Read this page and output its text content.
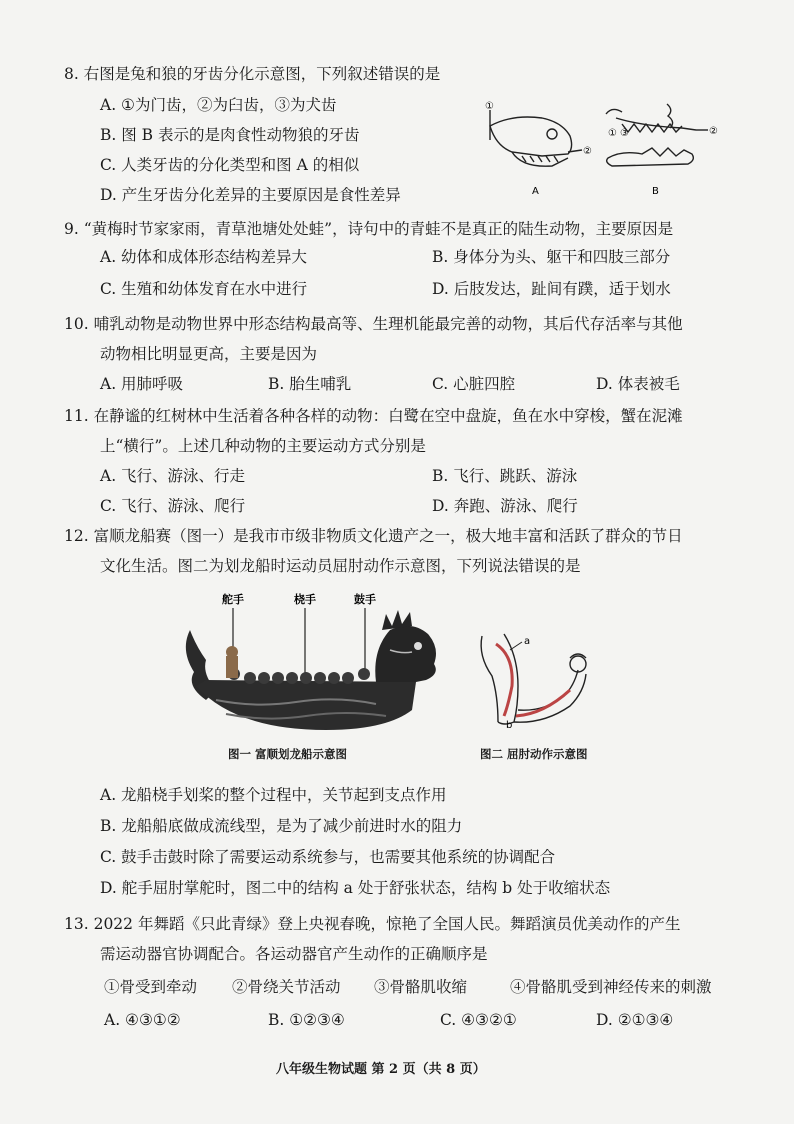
8. 右图是兔和狼的牙齿分化示意图，下列叙述错误的是
A. ①为门齿，②为臼齿，③为犬齿
B. 图 B 表示的是肉食性动物狼的牙齿
C. 人类牙齿的分化类型和图 A 的相似
D. 产生牙齿分化差异的主要原因是食性差异
①
②
A
① ③	②
B
9. “黄梅时节家家雨，青草池塘处处蛙”，诗句中的青蛙不是真正的陆生动物，主要原因是
A. 幼体和成体形态结构差异大	B. 身体分为头、躯干和四肢三部分
C. 生殖和幼体发育在水中进行	D. 后肢发达，趾间有蹼，适于划水
10. 哺乳动物是动物世界中形态结构最高等、生理机能最完善的动物，其后代存活率与其他
动物相比明显更高，主要是因为
A. 用肺呼吸	B. 胎生哺乳	C. 心脏四腔	D. 体表被毛
11. 在静谧的红树林中生活着各种各样的动物：白鹭在空中盘旋，鱼在水中穿梭，蟹在泥滩
上“横行”。上述几种动物的主要运动方式分别是
A. 飞行、游泳、行走	B. 飞行、跳跃、游泳
C. 飞行、游泳、爬行	D. 奔跑、游泳、爬行
12. 富顺龙船赛（图一）是我市市级非物质文化遗产之一，极大地丰富和活跃了群众的节日
文化生活。图二为划龙船时运动员屈肘动作示意图，下列说法错误的是
舵手	桡手	鼓手
图一 富顺划龙船示意图
a
b
图二 屈肘动作示意图
A. 龙船桡手划桨的整个过程中，关节起到支点作用
B. 龙船船底做成流线型，是为了减少前进时水的阻力
C. 鼓手击鼓时除了需要运动系统参与，也需要其他系统的协调配合
D. 舵手屈肘掌舵时，图二中的结构 a 处于舒张状态，结构 b 处于收缩状态
13. 2022 年舞蹈《只此青绿》登上央视春晚，惊艳了全国人民。舞蹈演员优美动作的产生
需运动器官协调配合。各运动器官产生动作的正确顺序是
①骨受到牵动 ②骨绕关节活动 ③骨骼肌收缩	④骨骼肌受到神经传来的刺激
A. ④③①②	B. ①②③④	C. ④③②①	D. ②①③④
八年级生物试题 第 2 页（共 8 页）
